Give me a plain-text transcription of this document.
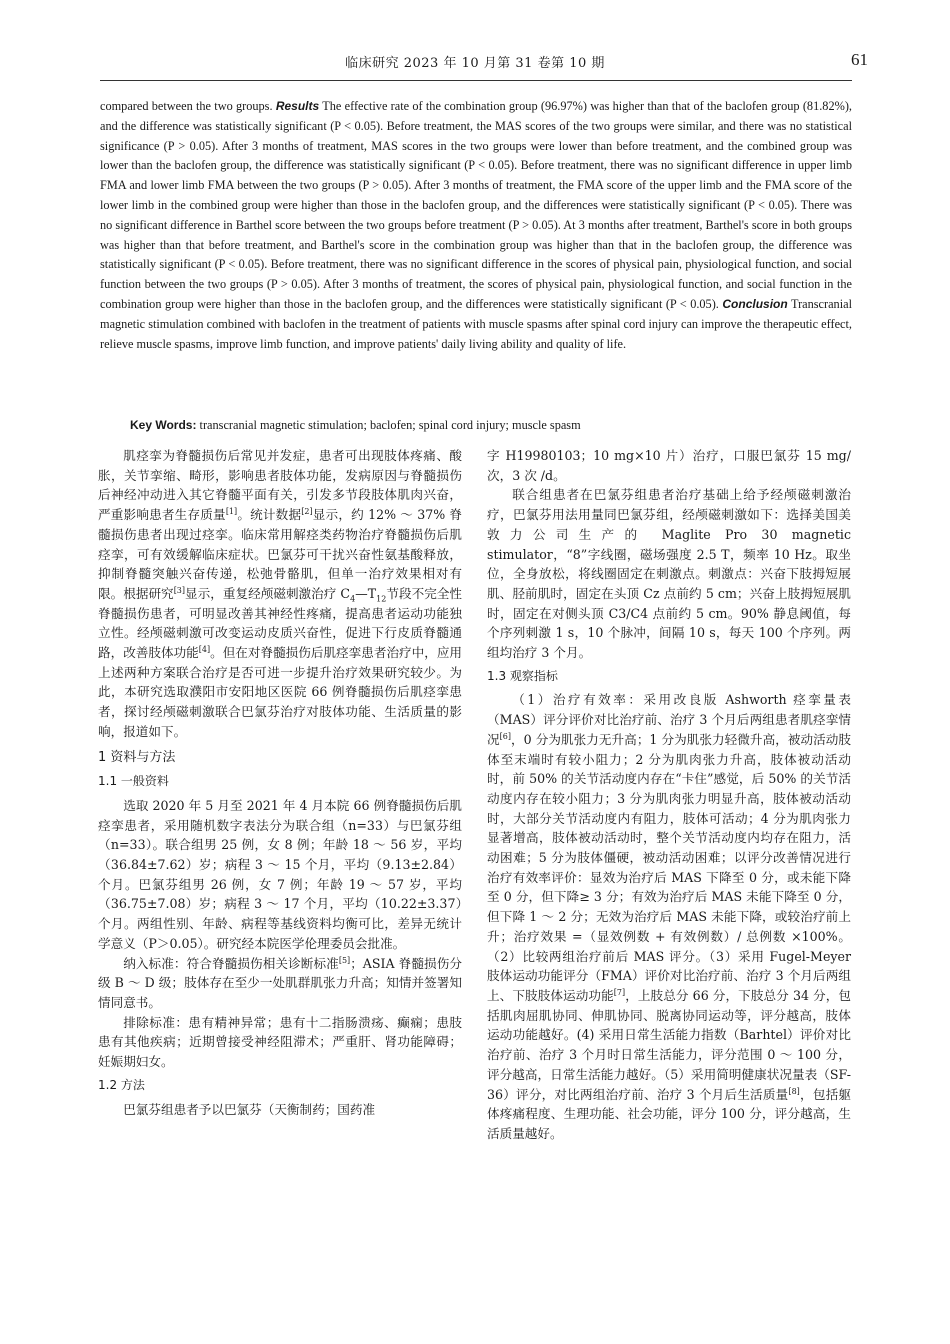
临床研究 2023 年 10 月第 31 卷第 10 期	61

compared between the two groups. Results The effective rate of the combination group (96.97%) was higher than that of the baclofen group (81.82%), and the difference was statistically significant (P < 0.05). Before treatment, the MAS scores of the two groups were similar, and there was no statistical significance (P > 0.05). After 3 months of treatment, MAS scores in the two groups were lower than before treatment, and the combined group was lower than the baclofen group, the difference was statistically significant (P < 0.05). Before treatment, there was no significant difference in upper limb FMA and lower limb FMA between the two groups (P > 0.05). After 3 months of treatment, the FMA score of the upper limb and the FMA score of the lower limb in the combined group were higher than those in the baclofen group, and the differences were statistically significant (P < 0.05). There was no significant difference in Barthel score between the two groups before treatment (P > 0.05). At 3 months after treatment, Barthel's score in both groups was higher than that before treatment, and Barthel's score in the combination group was higher than that in the baclofen group, the difference was statistically significant (P < 0.05). Before treatment, there was no significant difference in the scores of physical pain, physiological function, and social function between the two groups (P > 0.05). After 3 months of treatment, the scores of physical pain, physiological function, and social function in the combination group were higher than those in the baclofen group, and the differences were statistically significant (P < 0.05). Conclusion Transcranial magnetic stimulation combined with baclofen in the treatment of patients with muscle spasms after spinal cord injury can improve the therapeutic effect, relieve muscle spasms, improve limb function, and improve patients' daily living ability and quality of life.

Key Words: transcranial magnetic stimulation; baclofen; spinal cord injury; muscle spasm

肌痉挛为脊髓损伤后常见并发症，患者可出现肢体疼痛、酸胀，关节挛缩、畸形，影响患者肢体功能，发病原因与脊髓损伤后神经冲动进入其它脊髓平面有关，引发多节段肢体肌肉兴奋，严重影响患者生存质量[1]。统计数据[2]显示，约 12% ～ 37% 脊髓损伤患者出现过痉挛。临床常用解痉类药物治疗脊髓损伤后肌痉挛，可有效缓解临床症状。巴氯芬可干扰兴奋性氨基酸释放，抑制脊髓突触兴奋传递，松弛骨骼肌，但单一治疗效果相对有限。根据研究[3]显示，重复经颅磁刺激治疗 $C_4—T_{12}$节段不完全性脊髓损伤患者，可明显改善其神经性疼痛，提高患者运动功能独立性。经颅磁刺激可改变运动皮质兴奋性，促进下行皮质脊髓通路，改善肢体功能[4]。但在对脊髓损伤后肌痉挛患者治疗中，应用上述两种方案联合治疗是否可进一步提升治疗效果研究较少。为此，本研究选取濮阳市安阳地区医院 66 例脊髓损伤后肌痉挛患者，探讨经颅磁刺激联合巴氯芬治疗对肢体功能、生活质量的影响，报道如下。

1 资料与方法
1.1 一般资料

选取 2020 年 5 月至 2021 年 4 月本院 66 例脊髓损伤后肌痉挛患者，采用随机数字表法分为联合组（n=33）与巴氯芬组（n=33）。联合组男 25 例，女 8 例；年龄 18 ～ 56 岁，平均（36.84±7.62）岁；病程 3 ～ 15 个月，平均（9.13±2.84）个月。巴氯芬组男 26 例，女 7 例；年龄 19 ～ 57 岁，平均（36.75±7.08）岁；病程 3 ～ 17 个月，平均（10.22±3.37）个月。两组性别、年龄、病程等基线资料均衡可比，差异无统计学意义（P＞0.05）。研究经本院医学伦理委员会批准。

纳入标准：符合脊髓损伤相关诊断标准[5]；ASIA 脊髓损伤分级 B ～ D 级；肢体存在至少一处肌群肌张力升高；知情并签署知情同意书。

排除标准：患有精神异常；患有十二指肠溃疡、癫痫；患肢患有其他疾病；近期曾接受神经阻滞术；严重肝、肾功能障碍；妊娠期妇女。

1.2 方法

巴氯芬组患者予以巴氯芬（天衡制药；国药准

字 H19980103；10 mg×10 片）治疗，口服巴氯芬 15 mg/ 次，3 次 /d。

联合组患者在巴氯芬组患者治疗基础上给予经颅磁刺激治疗，巴氯芬用法用量同巴氯芬组，经颅磁刺激如下：选择美国美敦力公司生产的 Maglite Pro 30 magnetic stimulator，“8”字线圈，磁场强度 2.5 T，频率 10 Hz。取坐位，全身放松，将线圈固定在刺激点。刺激点：兴奋下肢拇短展肌、胫前肌时，固定在头顶 Cz 点前约 5 cm；兴奋上肢拇短展肌时，固定在对侧头顶 C3/C4 点前约 5 cm。90% 静息阈值，每个序列刺激 1 s，10 个脉冲，间隔 10 s，每天 100 个序列。两组均治疗 3 个月。

1.3 观察指标

（1）治疗有效率：采用改良版 Ashworth 痉挛量表（MAS）评分评价对比治疗前、治疗 3 个月后两组患者肌痉挛情况[6]，0 分为肌张力无升高；1 分为肌张力轻微升高，被动活动肢体至末端时有较小阻力；2 分为肌肉张力升高，肢体被动活动时，前 50% 的关节活动度内存在“卡住”感觉，后 50% 的关节活动度内存在较小阻力；3 分为肌肉张力明显升高，肢体被动活动时，大部分关节活动度内有阻力，肢体可活动；4 分为肌肉张力显著增高，肢体被动活动时，整个关节活动度内均存在阻力，活动困难；5 分为肢体僵硬，被动活动困难；以评分改善情况进行治疗有效率评价：显效为治疗后 MAS 下降至 0 分，或未能下降至 0 分，但下降≥ 3 分；有效为治疗后 MAS 未能下降至 0 分，但下降 1 ～ 2 分；无效为治疗后 MAS 未能下降，或较治疗前上升；治疗效果 =（显效例数 + 有效例数）/ 总例数 ×100%。（2）比较两组治疗前后 MAS 评分。（3）采用 Fugel-Meyer 肢体运动功能评分（FMA）评价对比治疗前、治疗 3 个月后两组上、下肢肢体运动功能[7]，上肢总分 66 分，下肢总分 34 分，包括肌肉屈肌协同、伸肌协同、脱离协同运动等，评分越高，肢体运动功能越好。(4) 采用日常生活能力指数（Barhtel）评价对比治疗前、治疗 3 个月时日常生活能力，评分范围 0 ～ 100 分，评分越高，日常生活能力越好。（5）采用简明健康状况量表（SF-36）评分，对比两组治疗前、治疗 3 个月后生活质量[8]，包括躯体疼痛程度、生理功能、社会功能，评分 100 分，评分越高，生活质量越好。
